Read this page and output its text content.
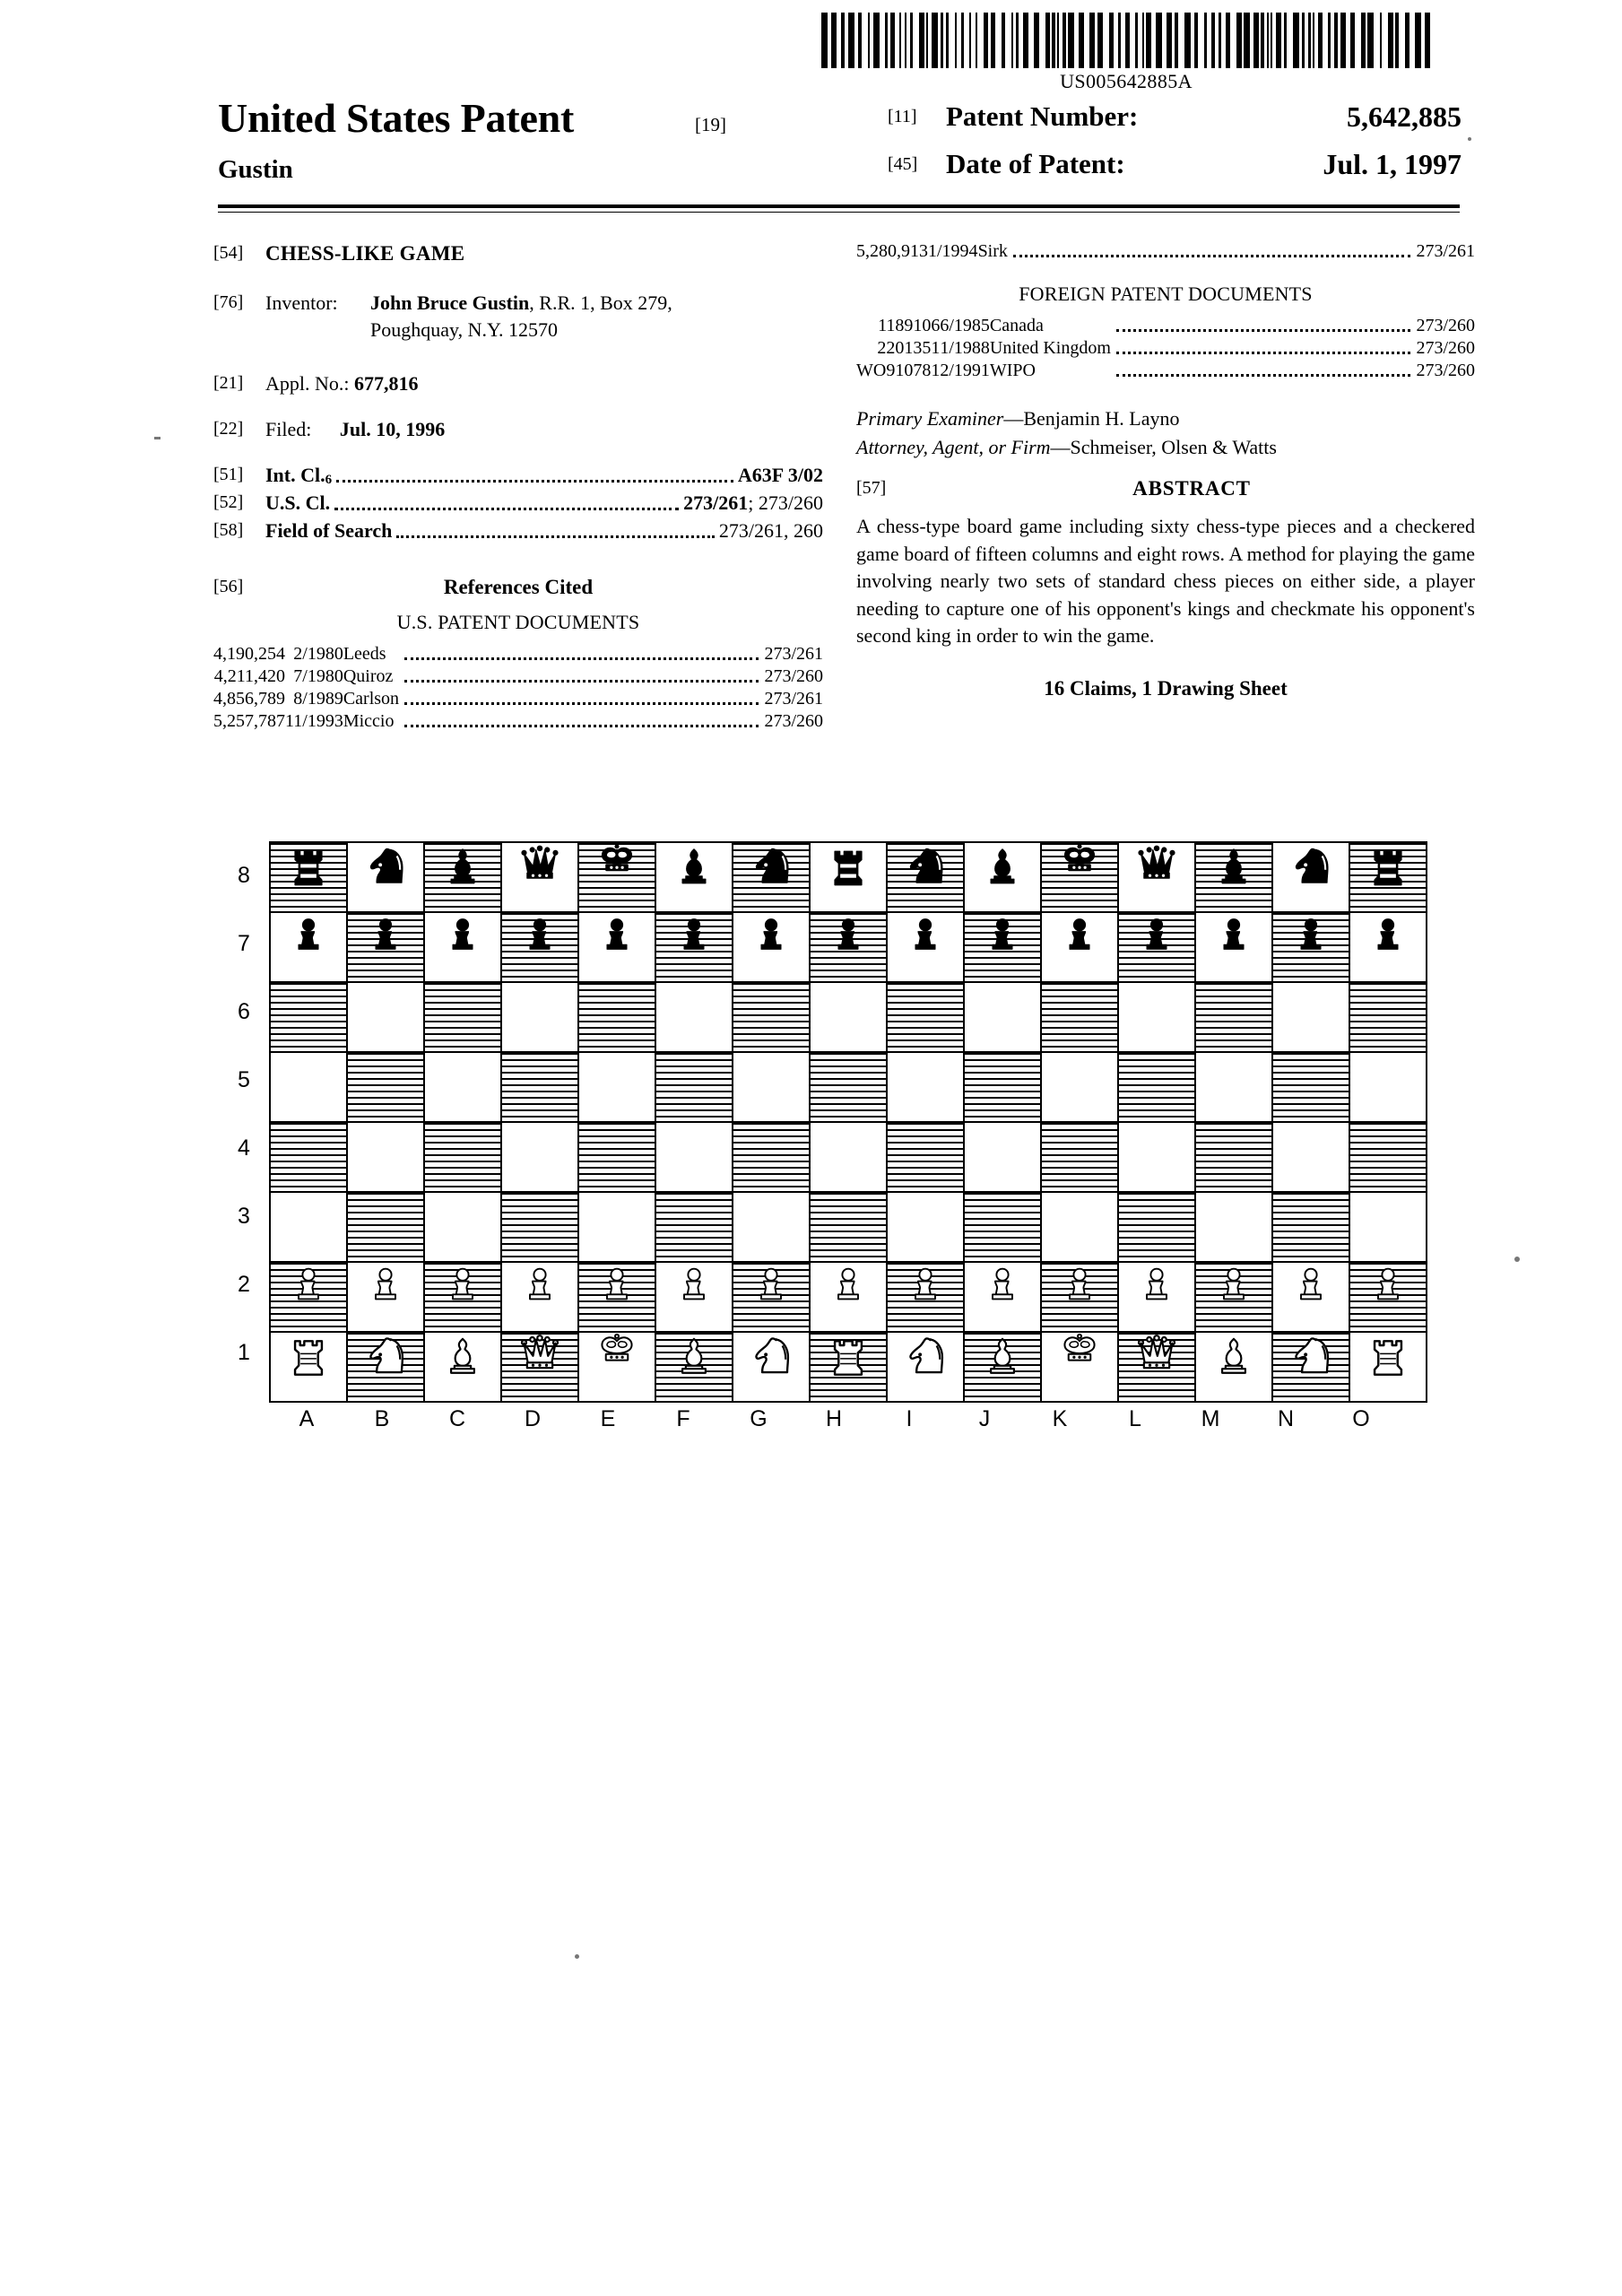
US005642885A
United States Patent	[19]
Gustin
[11] Patent Number:	5,642,885
[45] Date of Patent:	Jul. 1, 1997
[54]	CHESS-LIKE GAME
[76]	Inventor: John Bruce Gustin, R.R. 1, Box 279,
Poughquay, N.Y. 12570
[21]	Appl. No.: 677,816
[22]	Filed: Jul. 10, 1996
[51]	Int. Cl. 6	A63F 3/02
[52]	U.S. Cl.	273/261; 273/260
[58]	Field of Search	273/261, 260
[56]	References Cited
U.S. PATENT DOCUMENTS
4,190,254	2/1980	Leeds		273/261
4,211,420	7/1980	Quiroz		273/260
4,856,789	8/1989	Carlson		273/261
5,257,787	11/1993	Miccio		273/260
5,280,913	1/1994	Sirk		273/261
FOREIGN PATENT DOCUMENTS
1189106	6/1985	Canada		273/260
2201351	1/1988	United Kingdom		273/260
WO910781	2/1991	WIPO		273/260
Primary Examiner—Benjamin H. Layno
Attorney, Agent, or Firm—Schmeiser, Olsen & Watts
[57]	ABSTRACT
A chess-type board game including sixty chess-type pieces and a checkered game board of fifteen columns and eight rows. A method for playing the game involving nearly two sets of standard chess pieces on either side, a player needing to capture one of his opponent's kings and checkmate his opponent's second king in order to win the game.
16 Claims, 1 Drawing Sheet
8
7
6
5
4
3
2
1

A	B	C	D	E	F	G	H	I	J	K	L	M	N	O
